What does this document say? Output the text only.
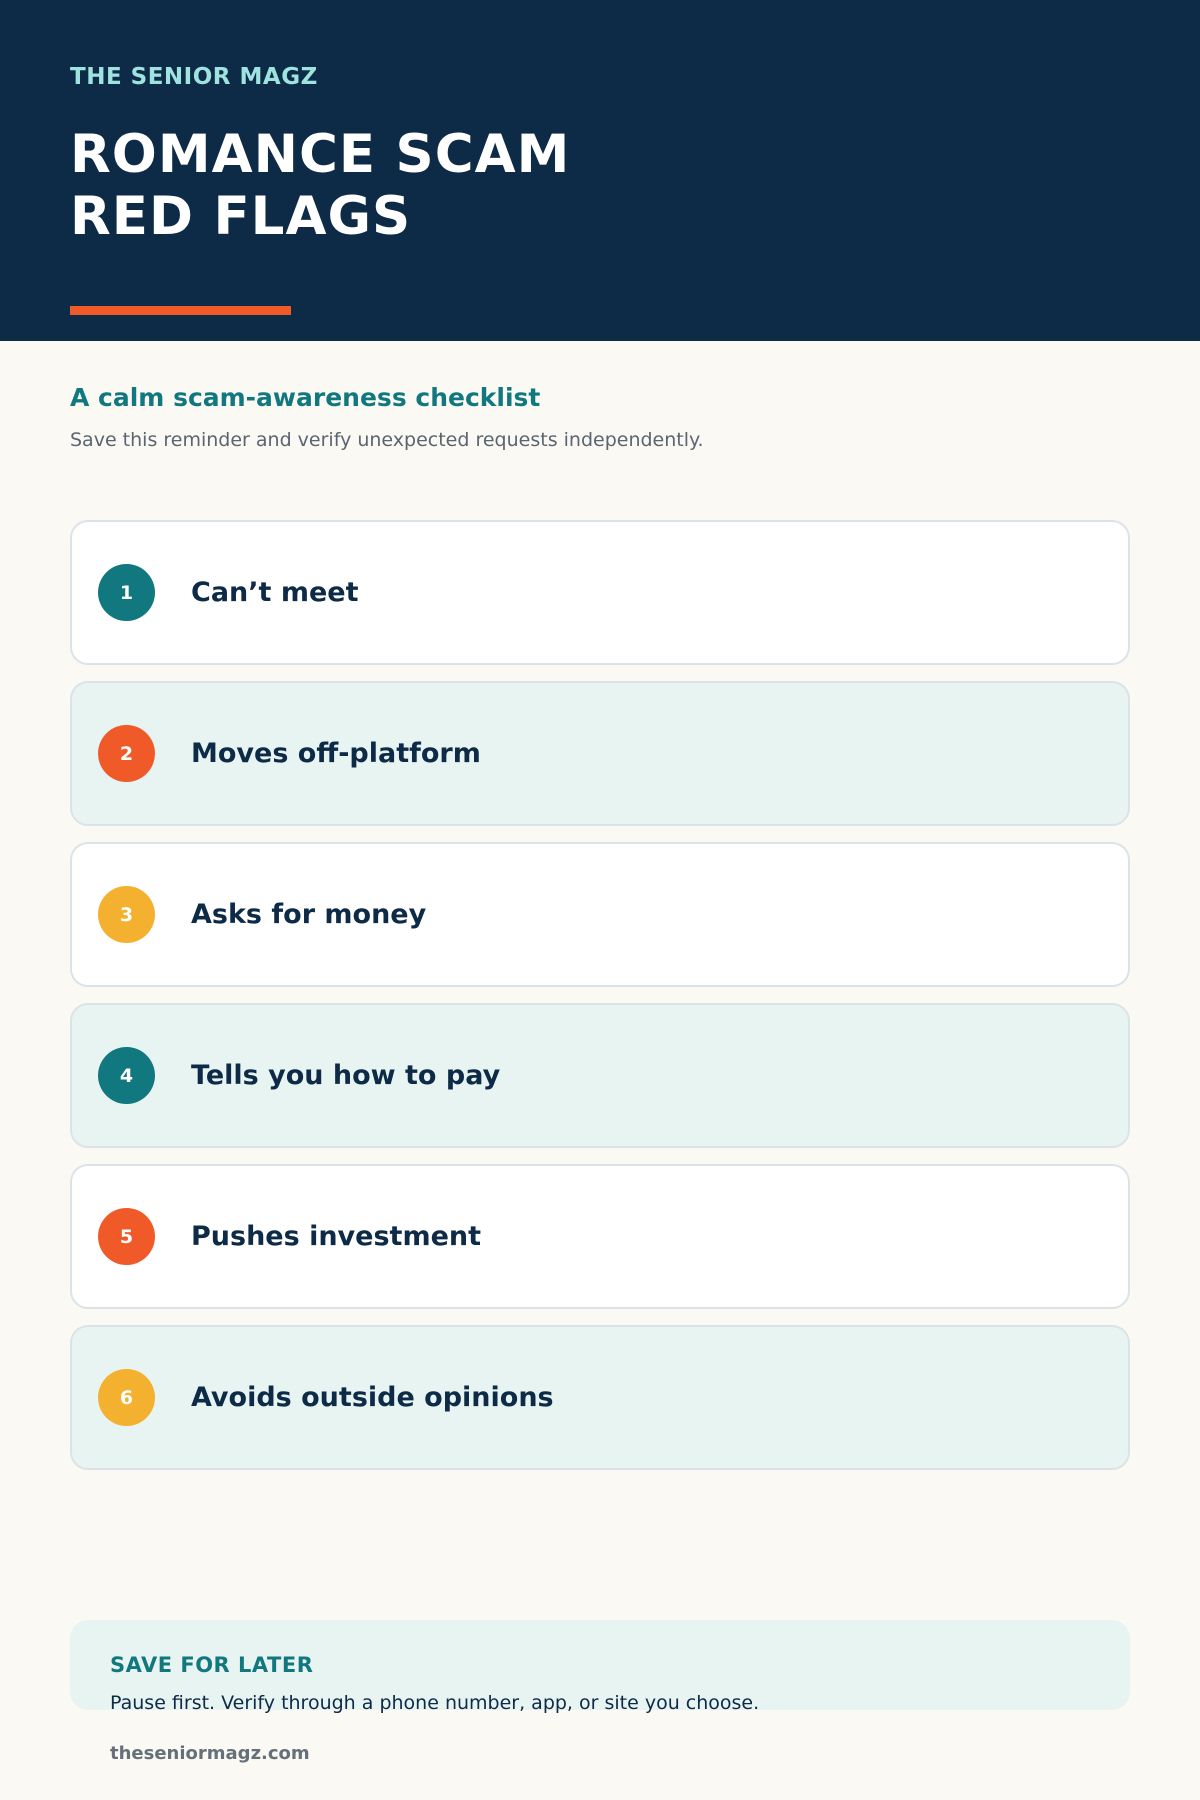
THE SENIOR MAGZ
ROMANCE SCAM
RED FLAGS
A calm scam-awareness checklist
Save this reminder and verify unexpected requests independently.
1	Can’t meet
2	Moves off-platform
3	Asks for money
4	Tells you how to pay
5	Pushes investment
6	Avoids outside opinions
SAVE FOR LATER
Pause first. Verify through a phone number, app, or site you choose.
theseniormagz.com
